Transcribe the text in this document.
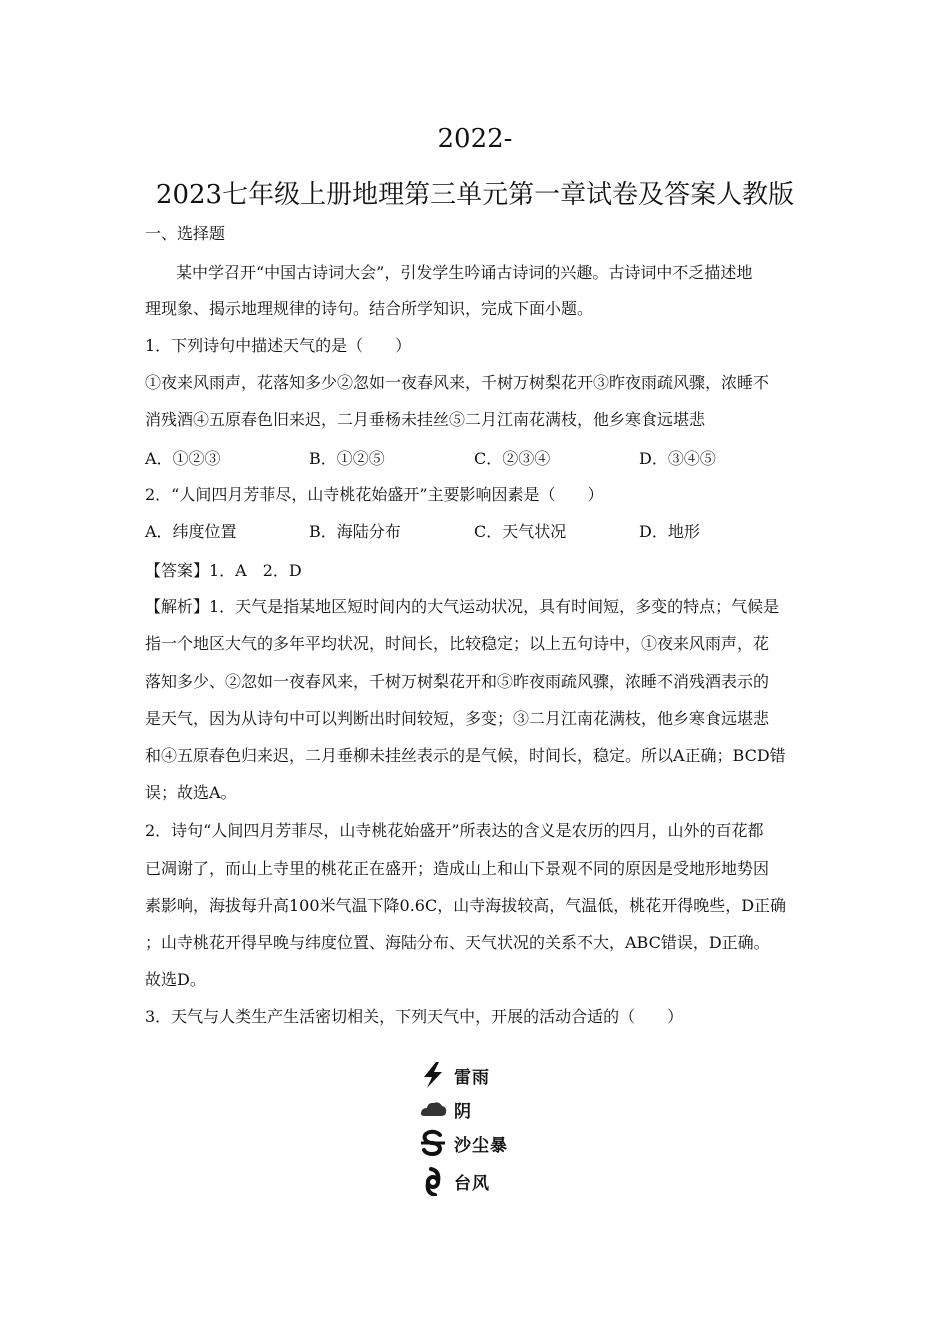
2022-
2023七年级上册地理第三单元第一章试卷及答案人教版
一、选择题
某中学召开“中国古诗词大会”，引发学生吟诵古诗词的兴趣。古诗词中不乏描述地
理现象、揭示地理规律的诗句。结合所学知识，完成下面小题。
1．下列诗句中描述天气的是（　　）
①夜来风雨声，花落知多少②忽如一夜春风来，千树万树梨花开③昨夜雨疏风骤，浓睡不
消残酒④五原春色旧来迟，二月垂杨未挂丝⑤二月江南花满枝，他乡寒食远堪悲
A．①②③	B．①②⑤	C．②③④	D．③④⑤
2．“人间四月芳菲尽，山寺桃花始盛开”主要影响因素是（　　）
A．纬度位置	B．海陆分布	C．天气状况	D．地形
【答案】1．A　2．D
【解析】1．天气是指某地区短时间内的大气运动状况，具有时间短，多变的特点；气候是
指一个地区大气的多年平均状况，时间长，比较稳定；以上五句诗中，①夜来风雨声，花
落知多少、②忽如一夜春风来，千树万树梨花开和⑤昨夜雨疏风骤，浓睡不消残酒表示的
是天气，因为从诗句中可以判断出时间较短，多变；③二月江南花满枝，他乡寒食远堪悲
和④五原春色归来迟，二月垂柳未挂丝表示的是气候，时间长，稳定。所以A正确；BCD错
误；故选A。
2．诗句“人间四月芳菲尽，山寺桃花始盛开”所表达的含义是农历的四月，山外的百花都
已凋谢了，而山上寺里的桃花正在盛开；造成山上和山下景观不同的原因是受地形地势因
素影响，海拔每升高100米气温下降0.6C，山寺海拔较高，气温低，桃花开得晚些，D正确
；山寺桃花开得早晚与纬度位置、海陆分布、天气状况的关系不大，ABC错误，D正确。
故选D。
3．天气与人类生产生活密切相关，下列天气中，开展的活动合适的（　　）
雷雨
阴
沙尘暴
台风
